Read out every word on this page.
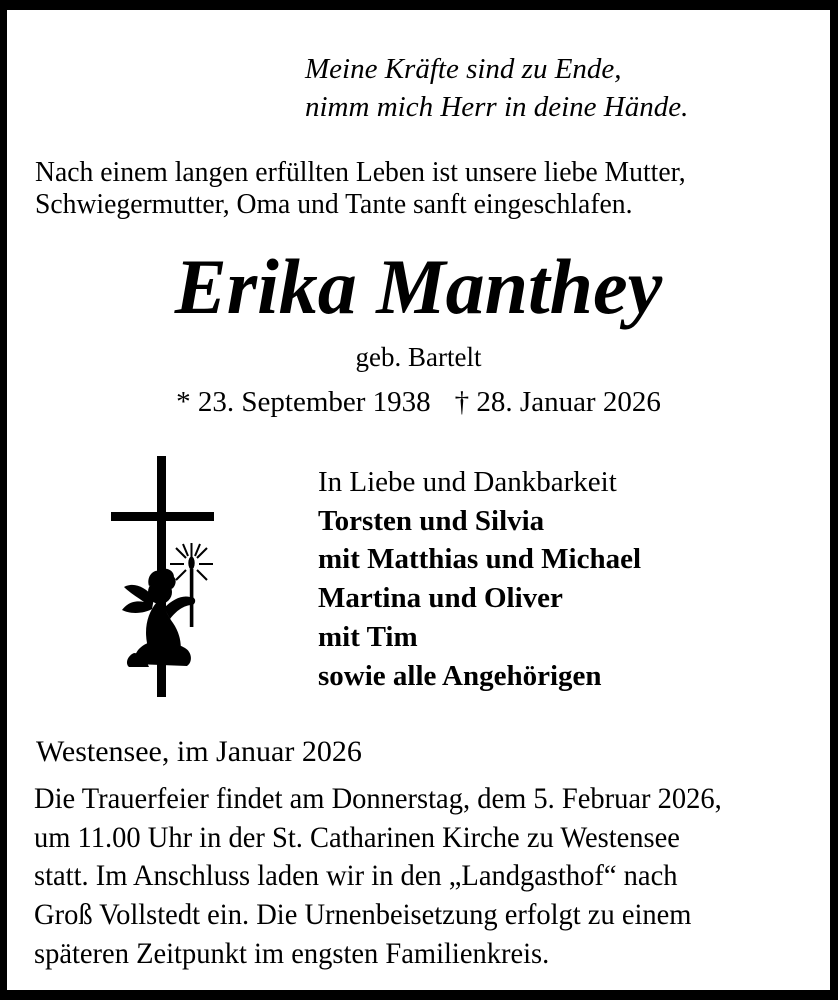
Meine Kräfte sind zu Ende,
nimm mich Herr in deine Hände.
Nach einem langen erfüllten Leben ist unsere liebe Mutter,
Schwiegermutter, Oma und Tante sanft eingeschlafen.
Erika Manthey
geb. Bartelt
* 23. September 1938 † 28. Januar 2026
In Liebe und Dankbarkeit
Torsten und Silvia
mit Matthias und Michael
Martina und Oliver
mit Tim
sowie alle Angehörigen
Westensee, im Januar 2026
Die Trauerfeier findet am Donnerstag, dem 5. Februar 2026,
um 11.00 Uhr in der St. Catharinen Kirche zu Westensee
statt. Im Anschluss laden wir in den „Landgasthof“ nach
Groß Vollstedt ein. Die Urnenbeisetzung erfolgt zu einem
späteren Zeitpunkt im engsten Familienkreis.
